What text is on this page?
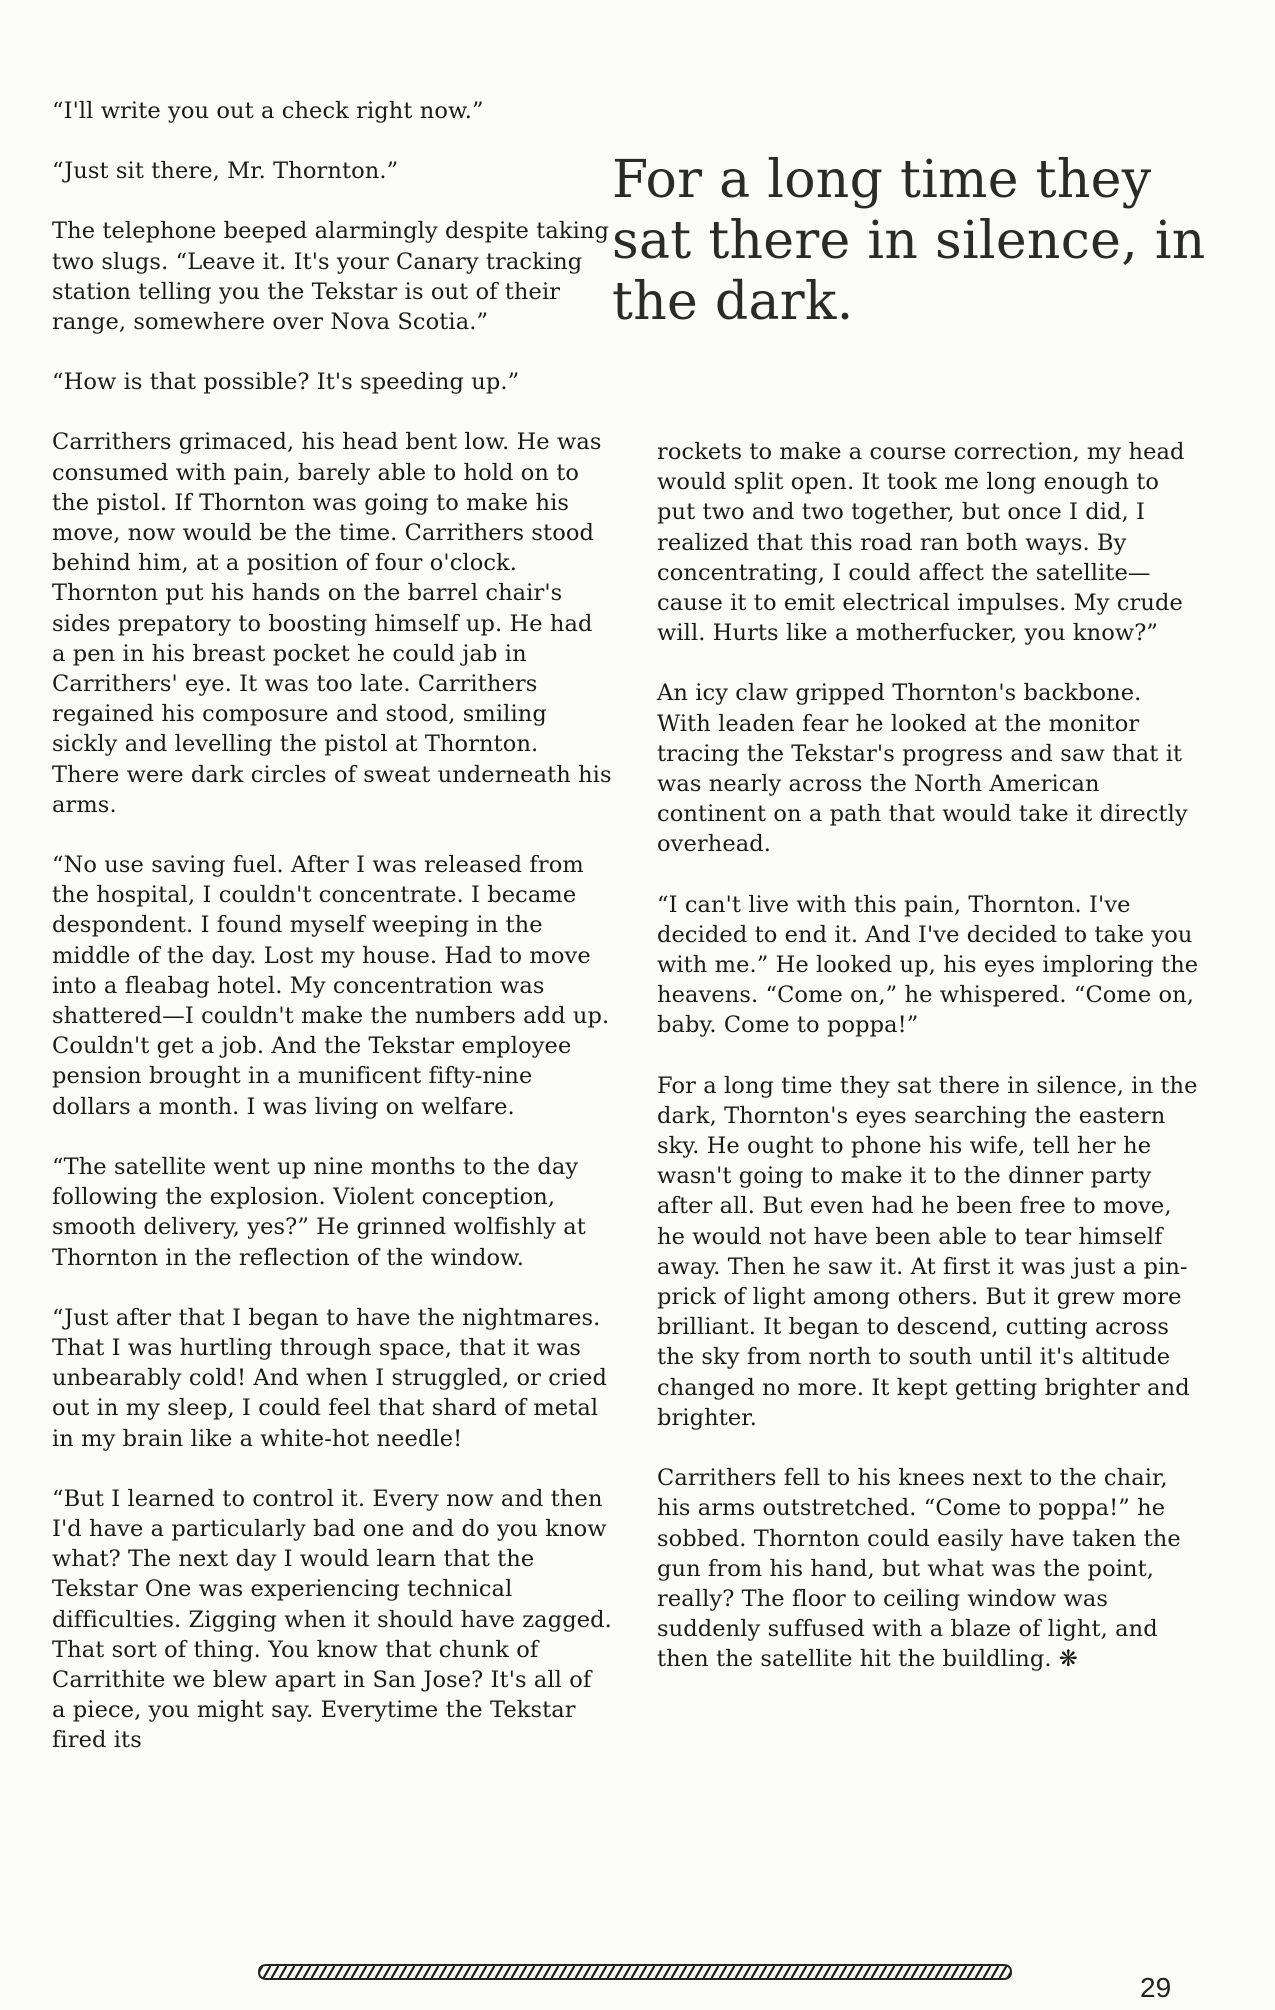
For a long time they sat there in silence, in the dark.

“I'll write you out a check right now.”

“Just sit there, Mr. Thornton.”

The telephone beeped alarmingly despite taking two slugs. “Leave it. It's your Canary tracking station telling you the Tekstar is out of their range, somewhere over Nova Scotia.”

“How is that possible? It's speeding up.”

Carrithers grimaced, his head bent low. He was consumed with pain, barely able to hold on to the pistol. If Thornton was going to make his move, now would be the time. Carrithers stood behind him, at a position of four o'clock. Thornton put his hands on the barrel chair's sides prepatory to boosting himself up. He had a pen in his breast pocket he could jab in Carrithers' eye. It was too late. Carrithers regained his composure and stood, smiling sickly and levelling the pistol at Thornton. There were dark circles of sweat underneath his arms.

“No use saving fuel. After I was released from the hospital, I couldn't concentrate. I became despondent. I found myself weeping in the middle of the day. Lost my house. Had to move into a fleabag hotel. My concentration was shattered—I couldn't make the numbers add up. Couldn't get a job. And the Tekstar employee pension brought in a munificent fifty-nine dollars a month. I was living on welfare.

“The satellite went up nine months to the day following the explosion. Violent conception, smooth delivery, yes?” He grinned wolfishly at Thornton in the reflection of the window.

“Just after that I began to have the nightmares. That I was hurtling through space, that it was unbearably cold! And when I struggled, or cried out in my sleep, I could feel that shard of metal in my brain like a white-hot needle!

“But I learned to control it. Every now and then I'd have a particularly bad one and do you know what? The next day I would learn that the Tekstar One was experiencing technical difficulties. Zigging when it should have zagged. That sort of thing. You know that chunk of Carrithite we blew apart in San Jose? It's all of a piece, you might say. Everytime the Tekstar fired its

rockets to make a course correction, my head would split open. It took me long enough to put two and two together, but once I did, I realized that this road ran both ways. By concentrating, I could affect the satellite—cause it to emit electrical impulses. My crude will. Hurts like a motherfucker, you know?”

An icy claw gripped Thornton's backbone. With leaden fear he looked at the monitor tracing the Tekstar's progress and saw that it was nearly across the North American continent on a path that would take it directly overhead.

“I can't live with this pain, Thornton. I've decided to end it. And I've decided to take you with me.” He looked up, his eyes imploring the heavens. “Come on,” he whispered. “Come on, baby. Come to poppa!”

For a long time they sat there in silence, in the dark, Thornton's eyes searching the eastern sky. He ought to phone his wife, tell her he wasn't going to make it to the dinner party after all. But even had he been free to move, he would not have been able to tear himself away. Then he saw it. At first it was just a pin-prick of light among others. But it grew more brilliant. It began to descend, cutting across the sky from north to south until it's altitude changed no more. It kept getting brighter and brighter.

Carrithers fell to his knees next to the chair, his arms outstretched. “Come to poppa!” he sobbed. Thornton could easily have taken the gun from his hand, but what was the point, really? The floor to ceiling window was suddenly suffused with a blaze of light, and then the satellite hit the buildling. ❋

29
